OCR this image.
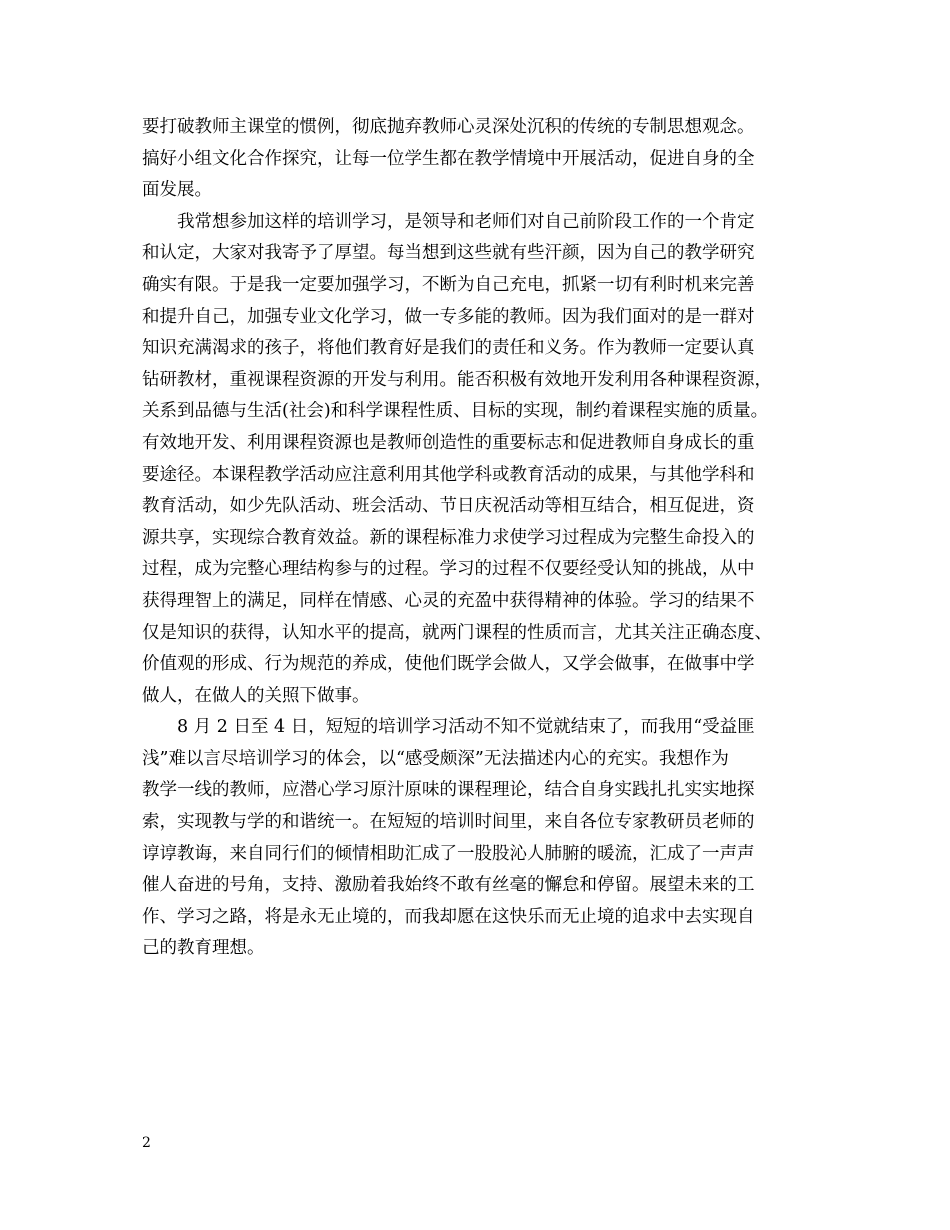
要打破教师主课堂的惯例，彻底抛弃教师心灵深处沉积的传统的专制思想观念。
搞好小组文化合作探究，让每一位学生都在教学情境中开展活动，促进自身的全
面发展。
我常想参加这样的培训学习，是领导和老师们对自己前阶段工作的一个肯定
和认定，大家对我寄予了厚望。每当想到这些就有些汗颜，因为自己的教学研究
确实有限。于是我一定要加强学习，不断为自己充电，抓紧一切有利时机来完善
和提升自己，加强专业文化学习，做一专多能的教师。因为我们面对的是一群对
知识充满渴求的孩子，将他们教育好是我们的责任和义务。作为教师一定要认真
钻研教材，重视课程资源的开发与利用。能否积极有效地开发利用各种课程资源，
关系到品德与生活(社会)和科学课程性质、目标的实现，制约着课程实施的质量。
有效地开发、利用课程资源也是教师创造性的重要标志和促进教师自身成长的重
要途径。本课程教学活动应注意利用其他学科或教育活动的成果，与其他学科和
教育活动，如少先队活动、班会活动、节日庆祝活动等相互结合，相互促进，资
源共享，实现综合教育效益。新的课程标准力求使学习过程成为完整生命投入的
过程，成为完整心理结构参与的过程。学习的过程不仅要经受认知的挑战，从中
获得理智上的满足，同样在情感、心灵的充盈中获得精神的体验。学习的结果不
仅是知识的获得，认知水平的提高，就两门课程的性质而言，尤其关注正确态度、
价值观的形成、行为规范的养成，使他们既学会做人，又学会做事，在做事中学
做人，在做人的关照下做事。
8 月 2 日至 4 日，短短的培训学习活动不知不觉就结束了，而我用“受益匪
浅”难以言尽培训学习的体会，以“感受颇深”无法描述内心的充实。我想作为
教学一线的教师，应潜心学习原汁原味的课程理论，结合自身实践扎扎实实地探
索，实现教与学的和谐统一。在短短的培训时间里，来自各位专家教研员老师的
谆谆教诲，来自同行们的倾情相助汇成了一股股沁人肺腑的暖流，汇成了一声声
催人奋进的号角，支持、激励着我始终不敢有丝毫的懈怠和停留。展望未来的工
作、学习之路，将是永无止境的，而我却愿在这快乐而无止境的追求中去实现自
己的教育理想。
2
